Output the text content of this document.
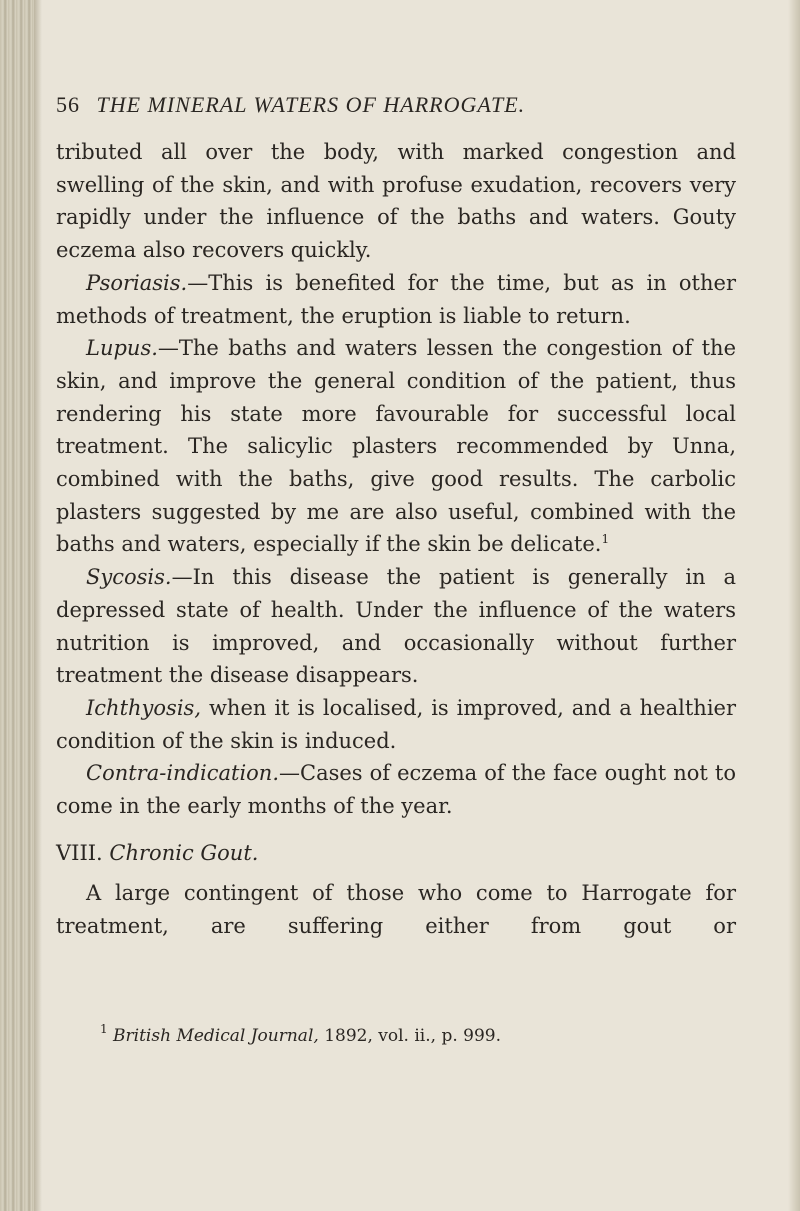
56 THE MINERAL WATERS OF HARROGATE.

tributed all over the body, with marked congestion and swelling of the skin, and with profuse exudation, recovers very rapidly under the influence of the baths and waters. Gouty eczema also recovers quickly.

Psoriasis.—This is benefited for the time, but as in other methods of treatment, the eruption is liable to return.

Lupus.—The baths and waters lessen the congestion of the skin, and improve the general condition of the patient, thus rendering his state more favourable for successful local treatment. The salicylic plasters recommended by Unna, combined with the baths, give good results. The carbolic plasters suggested by me are also useful, combined with the baths and waters, especially if the skin be delicate.$^1$

Sycosis.—In this disease the patient is generally in a depressed state of health. Under the influence of the waters nutrition is improved, and occasionally without further treatment the disease disappears.

Ichthyosis, when it is localised, is improved, and a healthier condition of the skin is induced.

Contra-indication.—Cases of eczema of the face ought not to come in the early months of the year.

VIII. Chronic Gout.

A large contingent of those who come to Harrogate for treatment, are suffering either from gout or

$^1$ British Medical Journal, 1892, vol. ii., p. 999.
